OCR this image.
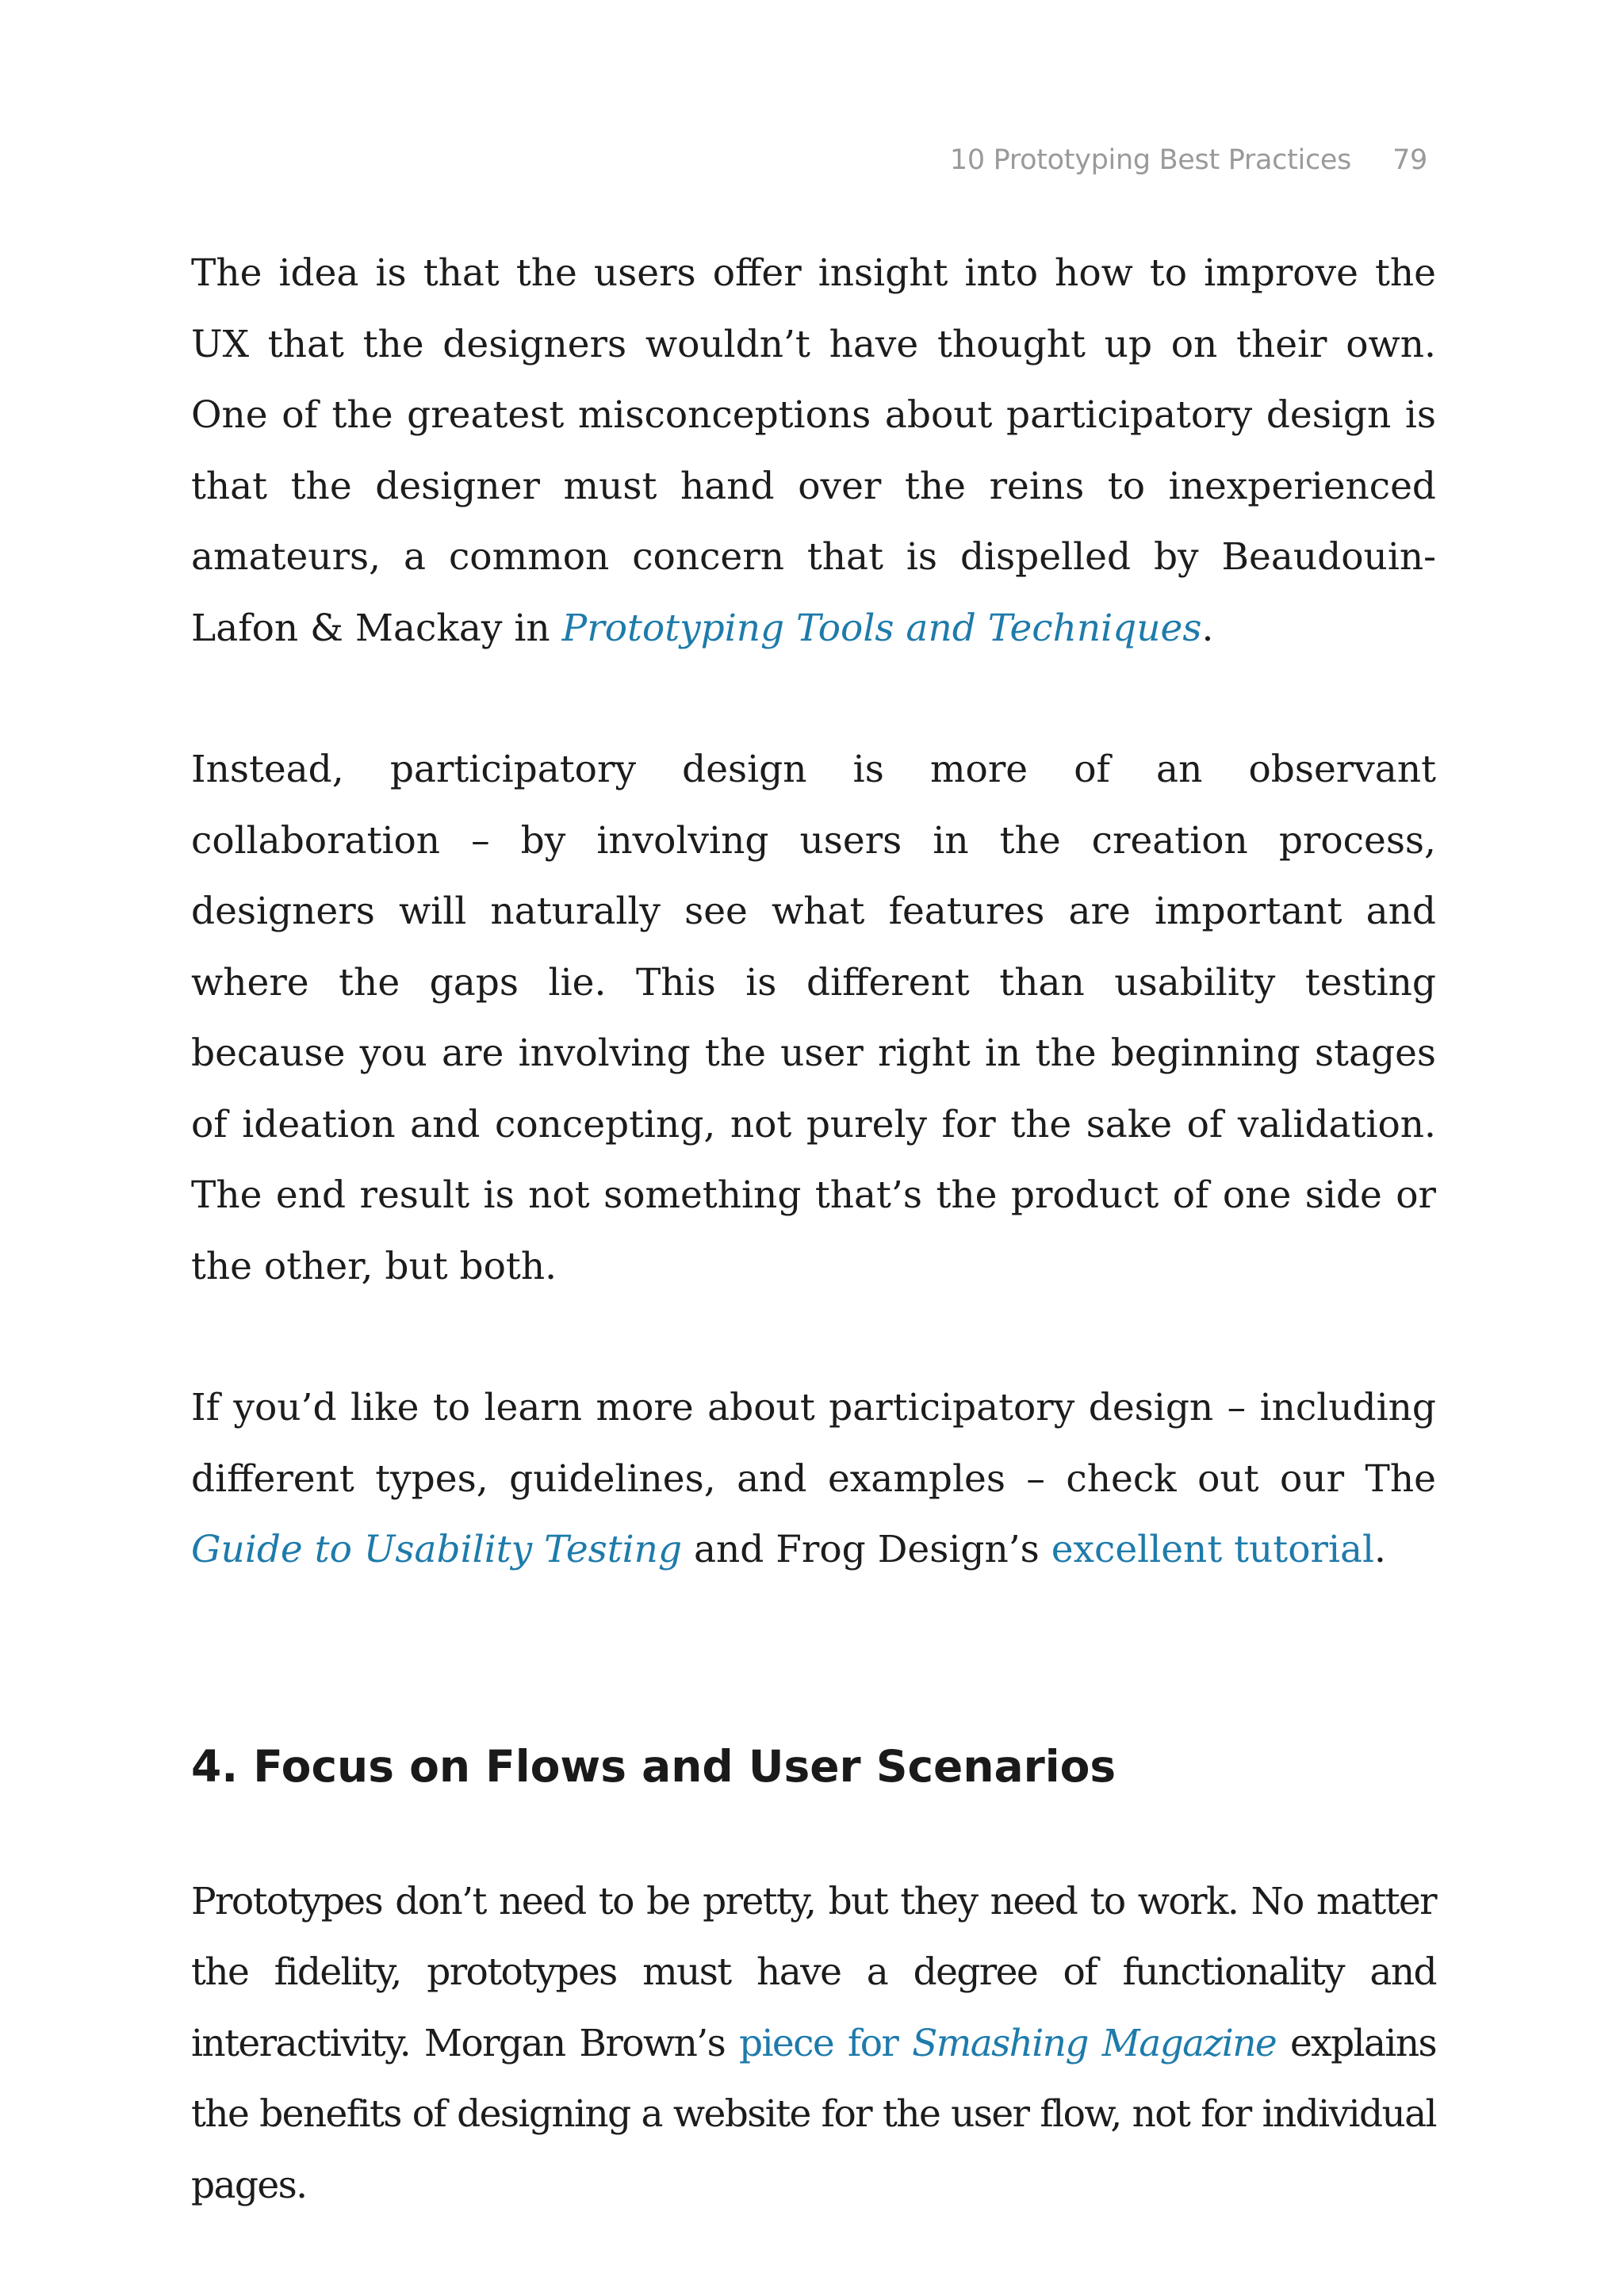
10 Prototyping Best Practices 79

The idea is that the users offer insight into how to improve the UX that the designers wouldn’t have thought up on their own. One of the greatest misconceptions about participatory design is that the designer must hand over the reins to inexperienced amateurs, a common concern that is dispelled by Beaudouin-Lafon & Mackay in Prototyping Tools and Techniques.

Instead, participatory design is more of an observant collaboration – by involving users in the creation process, designers will naturally see what features are important and where the gaps lie. This is different than usability testing because you are involving the user right in the beginning stages of ideation and concepting, not purely for the sake of validation. The end result is not something that’s the product of one side or the other, but both.

If you’d like to learn more about participatory design – including different types, guidelines, and examples – check out our The Guide to Usability Testing and Frog Design’s excellent tutorial.

4. Focus on Flows and User Scenarios

Prototypes don’t need to be pretty, but they need to work. No matter the fidelity, prototypes must have a degree of functionality and interactivity. Morgan Brown’s piece for Smashing Magazine explains the benefits of designing a website for the user flow, not for individual pages.
